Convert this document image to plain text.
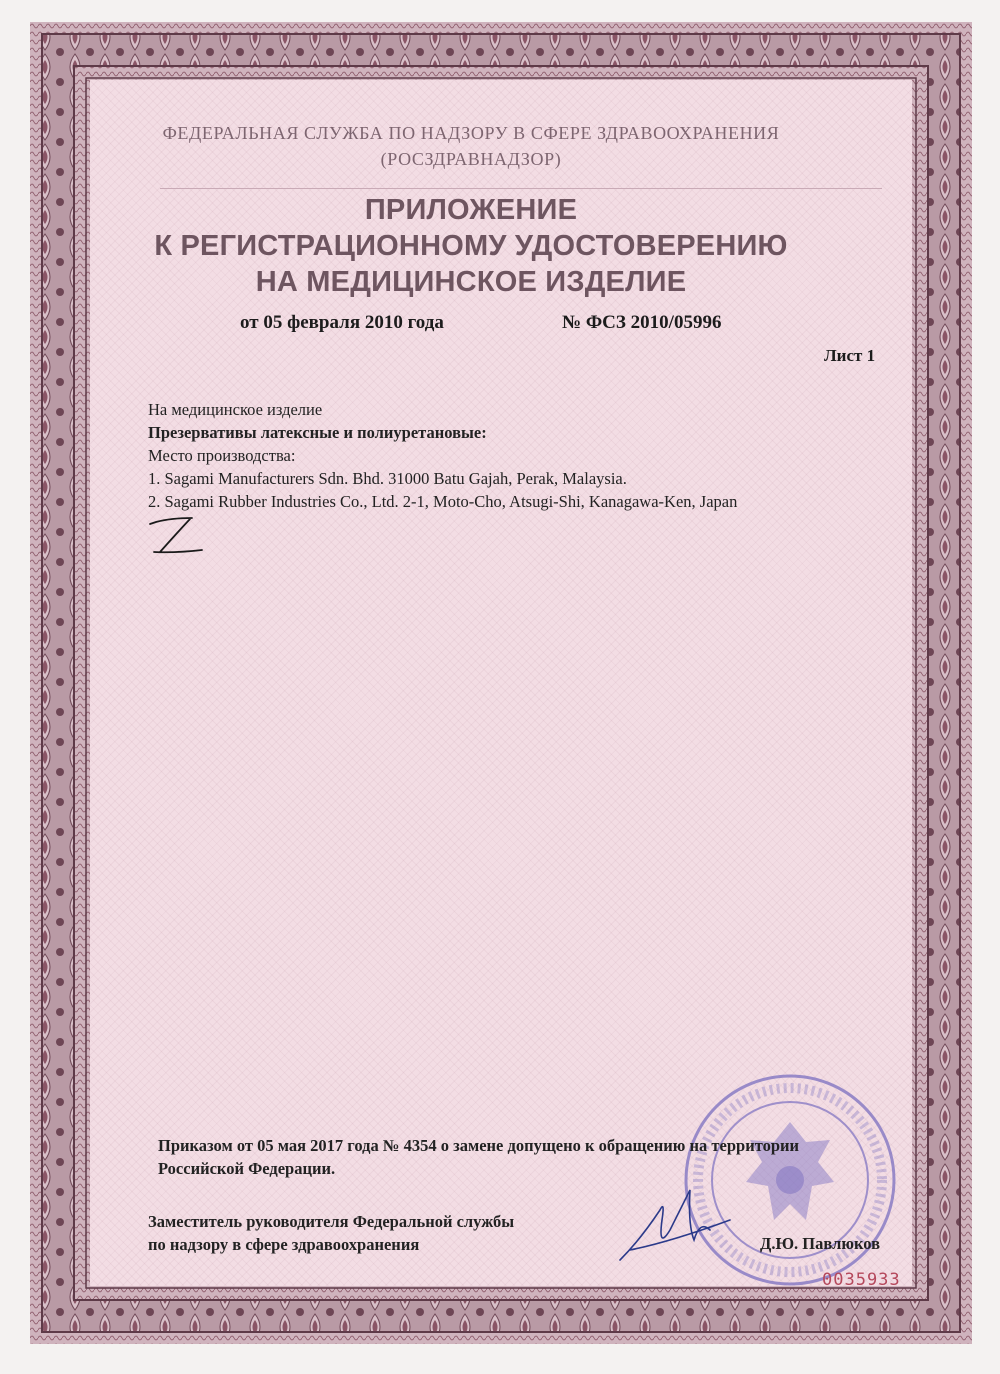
ФЕДЕРАЛЬНАЯ СЛУЖБА ПО НАДЗОРУ В СФЕРЕ ЗДРАВООХРАНЕНИЯ
(РОСЗДРАВНАДЗОР)
ПРИЛОЖЕНИЕ
К РЕГИСТРАЦИОННОМУ УДОСТОВЕРЕНИЮ
НА МЕДИЦИНСКОЕ ИЗДЕЛИЕ
от 05 февраля 2010 года	№ ФСЗ 2010/05996
Лист 1
На медицинское изделие
Презервативы латексные и полиуретановые:
Место производства:
1. Sagami Manufacturers Sdn. Bhd. 31000 Batu Gajah, Perak, Malaysia.
2. Sagami Rubber Industries Co., Ltd. 2-1, Moto-Cho, Atsugi-Shi, Kanagawa-Ken, Japan
Приказом от 05 мая 2017 года № 4354 о замене допущено к обращению на территории
Российской Федерации.
Заместитель руководителя Федеральной службы
по надзору в сфере здравоохранения	Д.Ю. Павлюков
0035933
